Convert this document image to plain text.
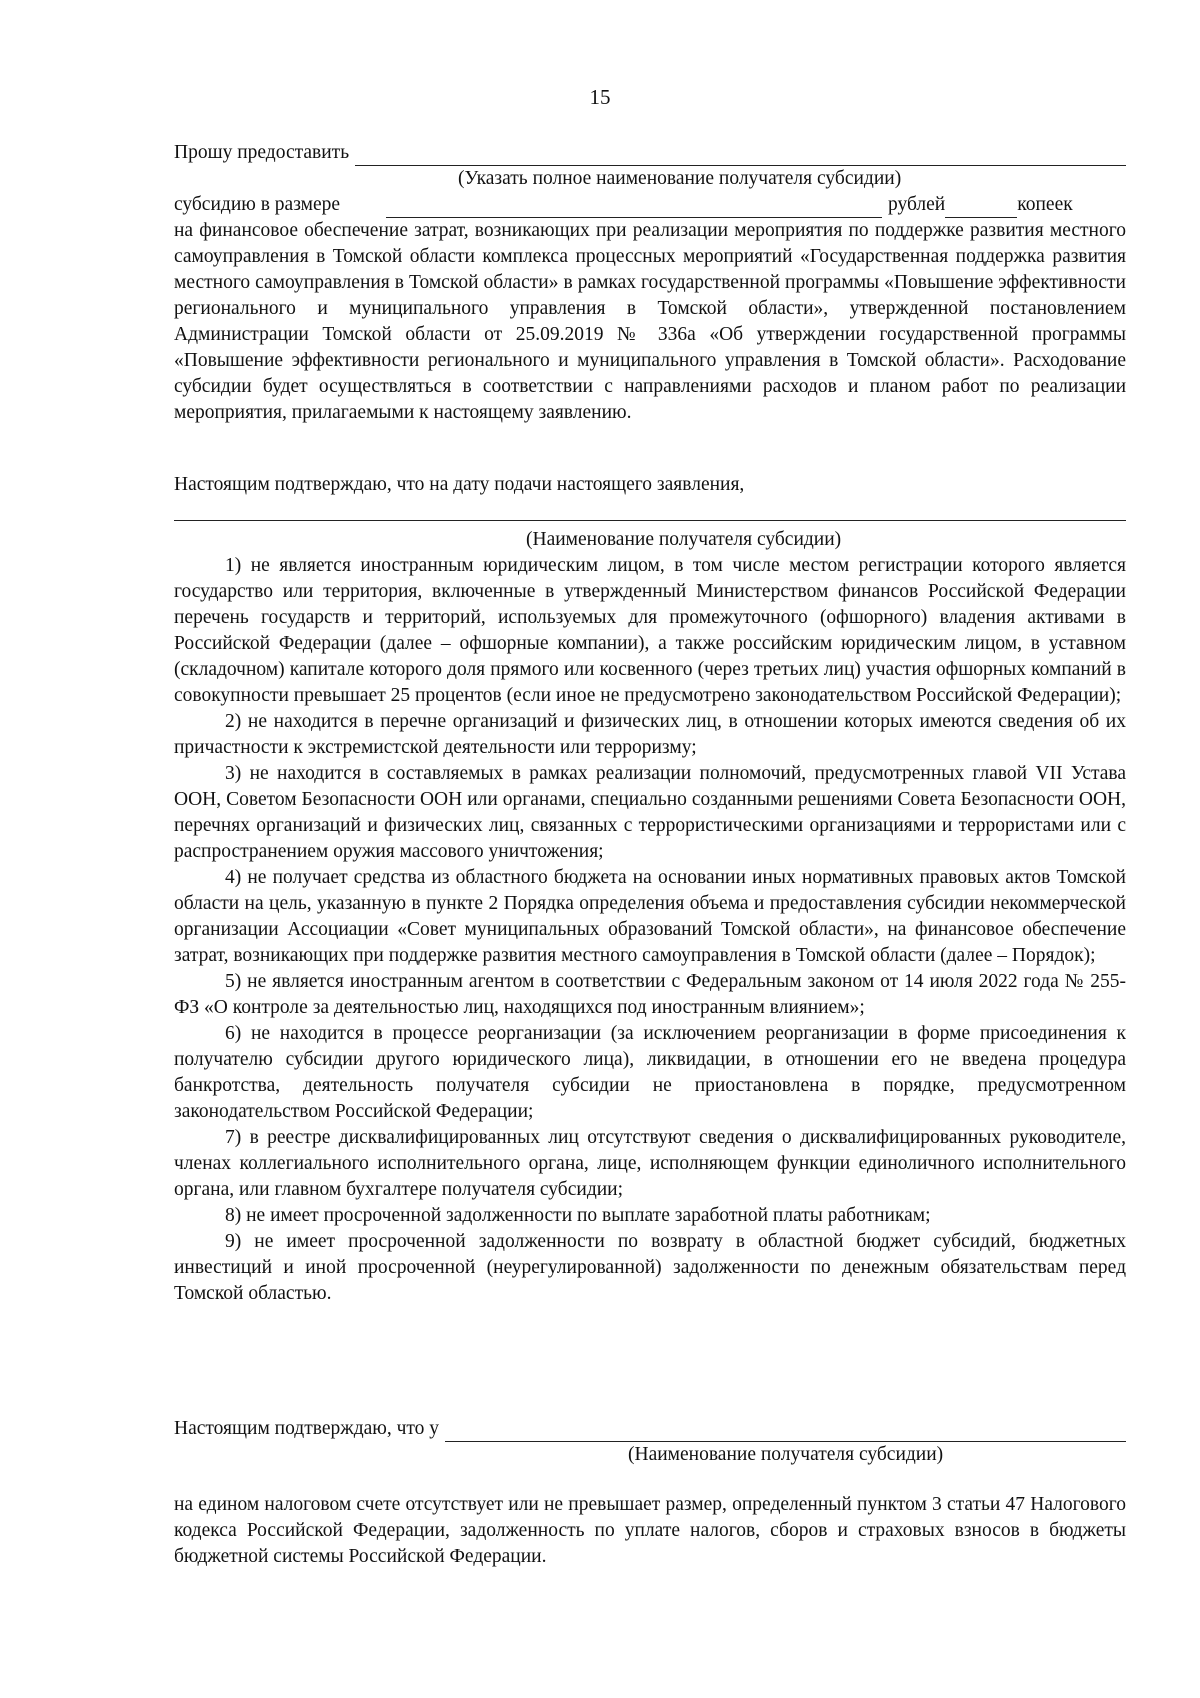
15
Прошу предоставить
(Указать полное наименование получателя субсидии)
субсидию в размере	рублей	копеек

на финансовое обеспечение затрат, возникающих при реализации мероприятия по поддержке развития местного самоуправления в Томской области комплекса процессных мероприятий «Государственная поддержка развития местного самоуправления в Томской области» в рамках государственной программы «Повышение эффективности регионального и муниципального управления в Томской области», утвержденной постановлением Администрации Томской области от 25.09.2019 № 336а «Об утверждении государственной программы «Повышение эффективности регионального и муниципального управления в Томской области». Расходование субсидии будет осуществляться в соответствии с направлениями расходов и планом работ по реализации мероприятия, прилагаемыми к настоящему заявлению.

Настоящим подтверждаю, что на дату подачи настоящего заявления,

(Наименование получателя субсидии)

1) не является иностранным юридическим лицом, в том числе местом регистрации которого является государство или территория, включенные в утвержденный Министерством финансов Российской Федерации перечень государств и территорий, используемых для промежуточного (офшорного) владения активами в Российской Федерации (далее – офшорные компании), а также российским юридическим лицом, в уставном (складочном) капитале которого доля прямого или косвенного (через третьих лиц) участия офшорных компаний в совокупности превышает 25 процентов (если иное не предусмотрено законодательством Российской Федерации);

2) не находится в перечне организаций и физических лиц, в отношении которых имеются сведения об их причастности к экстремистской деятельности или терроризму;

3) не находится в составляемых в рамках реализации полномочий, предусмотренных главой VII Устава ООН, Советом Безопасности ООН или органами, специально созданными решениями Совета Безопасности ООН, перечнях организаций и физических лиц, связанных с террористическими организациями и террористами или с распространением оружия массового уничтожения;

4) не получает средства из областного бюджета на основании иных нормативных правовых актов Томской области на цель, указанную в пункте 2 Порядка определения объема и предоставления субсидии некоммерческой организации Ассоциации «Совет муниципальных образований Томской области», на финансовое обеспечение затрат, возникающих при поддержке развития местного самоуправления в Томской области (далее – Порядок);

5) не является иностранным агентом в соответствии с Федеральным законом от 14 июля 2022 года № 255-ФЗ «О контроле за деятельностью лиц, находящихся под иностранным влиянием»;

6) не находится в процессе реорганизации (за исключением реорганизации в форме присоединения к получателю субсидии другого юридического лица), ликвидации, в отношении его не введена процедура банкротства, деятельность получателя субсидии не приостановлена в порядке, предусмотренном законодательством Российской Федерации;

7) в реестре дисквалифицированных лиц отсутствуют сведения о дисквалифицированных руководителе, членах коллегиального исполнительного органа, лице, исполняющем функции единоличного исполнительного органа, или главном бухгалтере получателя субсидии;

8) не имеет просроченной задолженности по выплате заработной платы работникам;

9) не имеет просроченной задолженности по возврату в областной бюджет субсидий, бюджетных инвестиций и иной просроченной (неурегулированной) задолженности по денежным обязательствам перед Томской областью.

Настоящим подтверждаю, что у
(Наименование получателя субсидии)

на едином налоговом счете отсутствует или не превышает размер, определенный пунктом 3 статьи 47 Налогового кодекса Российской Федерации, задолженность по уплате налогов, сборов и страховых взносов в бюджеты бюджетной системы Российской Федерации.
